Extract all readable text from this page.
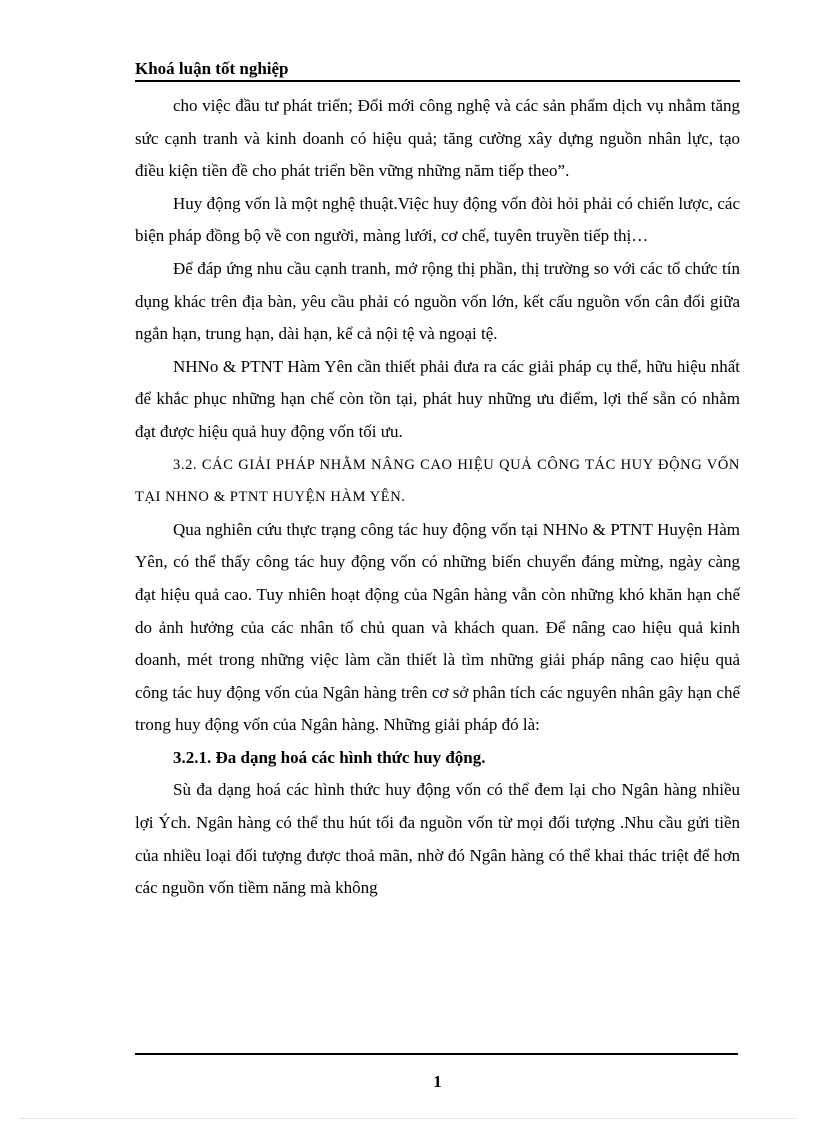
Khoá luận tốt nghiệp

cho việc đầu tư phát triển; Đổi mới công nghệ và các sản phẩm dịch vụ nhằm tăng sức cạnh tranh và kinh doanh có hiệu quả; tăng cường xây dựng nguồn nhân lực, tạo điều kiện tiền đề cho phát triển bền vững những năm tiếp theo”.

Huy động vốn là một nghệ thuật.Việc huy động vốn đòi hỏi phải có chiến lược, các biện pháp đồng bộ về con người, màng lưới, cơ chế, tuyên truyền tiếp thị…

Để đáp ứng nhu cầu cạnh tranh, mở rộng thị phần, thị trường so với các tổ chức tín dụng khác trên địa bàn, yêu cầu phải có nguồn vốn lớn, kết cấu nguồn vốn cân đối giữa ngắn hạn, trung hạn, dài hạn, kể cả nội tệ và ngoại tệ.

NHNo & PTNT Hàm Yên cần thiết phải đưa ra các giải pháp cụ thể, hữu hiệu nhất để khắc phục những hạn chế còn tồn tại, phát huy những ưu điểm, lợi thế sẵn có nhằm đạt được hiệu quả huy động vốn tối ưu.

3.2. CÁC GIẢI PHÁP NHẰM NÂNG CAO HIỆU QUẢ CÔNG TÁC HUY ĐỘNG VỐN TẠI NHNO & PTNT HUYỆN HÀM YÊN.

Qua nghiên cứu thực trạng công tác huy động vốn tại NHNo & PTNT Huyện Hàm Yên, có thể thấy công tác huy động vốn có những biến chuyển đáng mừng, ngày càng đạt hiệu quả cao. Tuy nhiên hoạt động của Ngân hàng vẫn còn những khó khăn hạn chế do ảnh hưởng của các nhân tố chủ quan và khách quan. Để nâng cao hiệu quả kinh doanh, mét trong những việc làm cần thiết là tìm những giải pháp nâng cao hiệu quả công tác huy động vốn của Ngân hàng trên cơ sở phân tích các nguyên nhân gây hạn chế trong huy động vốn của Ngân hàng. Những giải pháp đó là:

3.2.1. Đa dạng hoá các hình thức huy động.

Sù đa dạng hoá các hình thức huy động vốn có thể đem lại cho Ngân hàng nhiều lợi Ých. Ngân hàng có thể thu hút tối đa nguồn vốn từ mọi đối tượng .Nhu cầu gửi tiền của nhiều loại đối tượng được thoả mãn, nhờ đó Ngân hàng có thể khai thác triệt để hơn các nguồn vốn tiềm năng mà không

1
